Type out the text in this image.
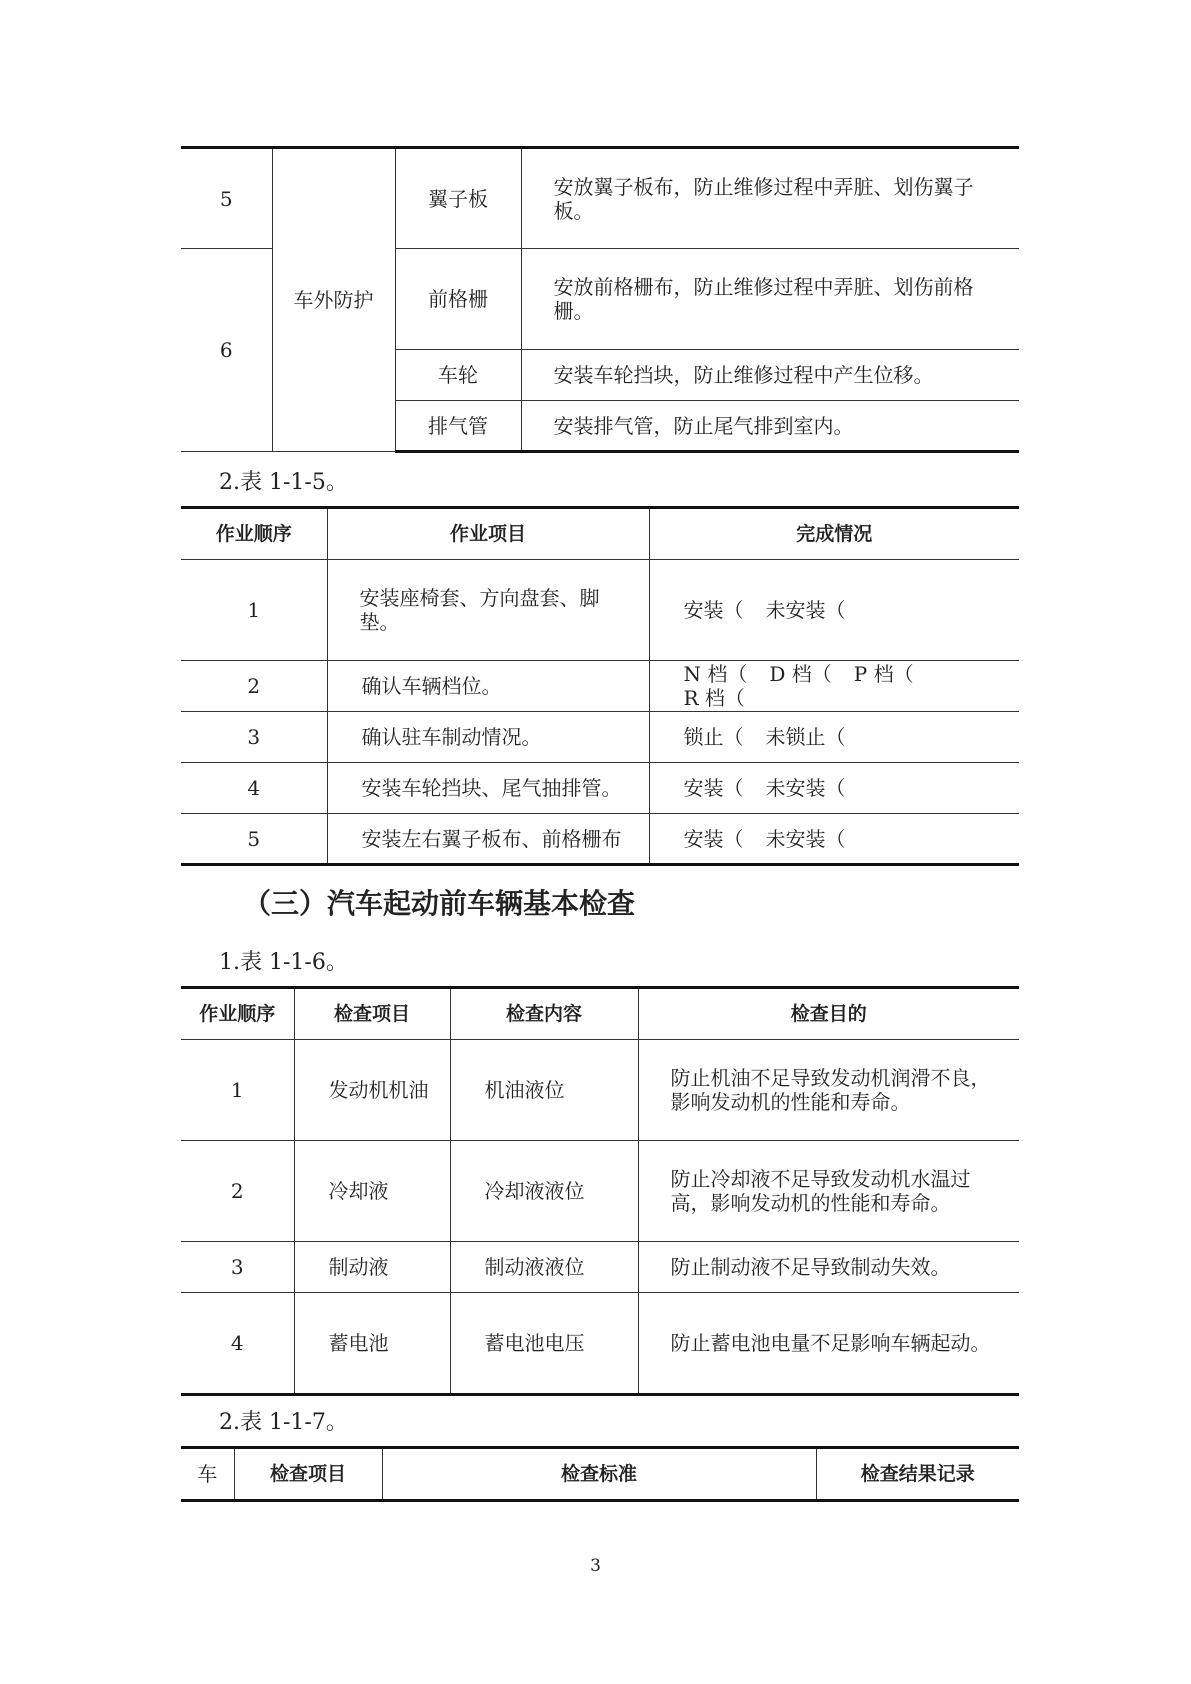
5	车外防护	翼子板	安放翼子板布，防止维修过程中弄脏、划伤翼子板。

6		前格栅	安放前格栅布，防止维修过程中弄脏、划伤前格栅。

		车轮	安装车轮挡块，防止维修过程中产生位移。

		排气管	安装排气管，防止尾气排到室内。
2.表 1-1-5。
作业顺序	作业项目	完成情况
1	安装座椅套、方向盘套、脚垫。	安装（ 未安装（
2	确认车辆档位。	N 档（ D 档（ P 档（R 档（
3	确认驻车制动情况。	锁止（ 未锁止（
4	安装车轮挡块、尾气抽排管。	安装（ 未安装（
5	安装左右翼子板布、前格栅布	安装（ 未安装（
（三）汽车起动前车辆基本检查
1.表 1-1-6。
作业顺序	检查项目	检查内容	检查目的
1	发动机机油	机油液位	防止机油不足导致发动机润滑不良，影响发动机的性能和寿命。

2	冷却液	冷却液液位	防止冷却液不足导致发动机水温过高，影响发动机的性能和寿命。

3	制动液	制动液液位	防止制动液不足导致制动失效。

4	蓄电池	蓄电池电压	防止蓄电池电量不足影响车辆起动。
2.表 1-1-7。
车	检查项目	检查标准	检查结果记录
3
